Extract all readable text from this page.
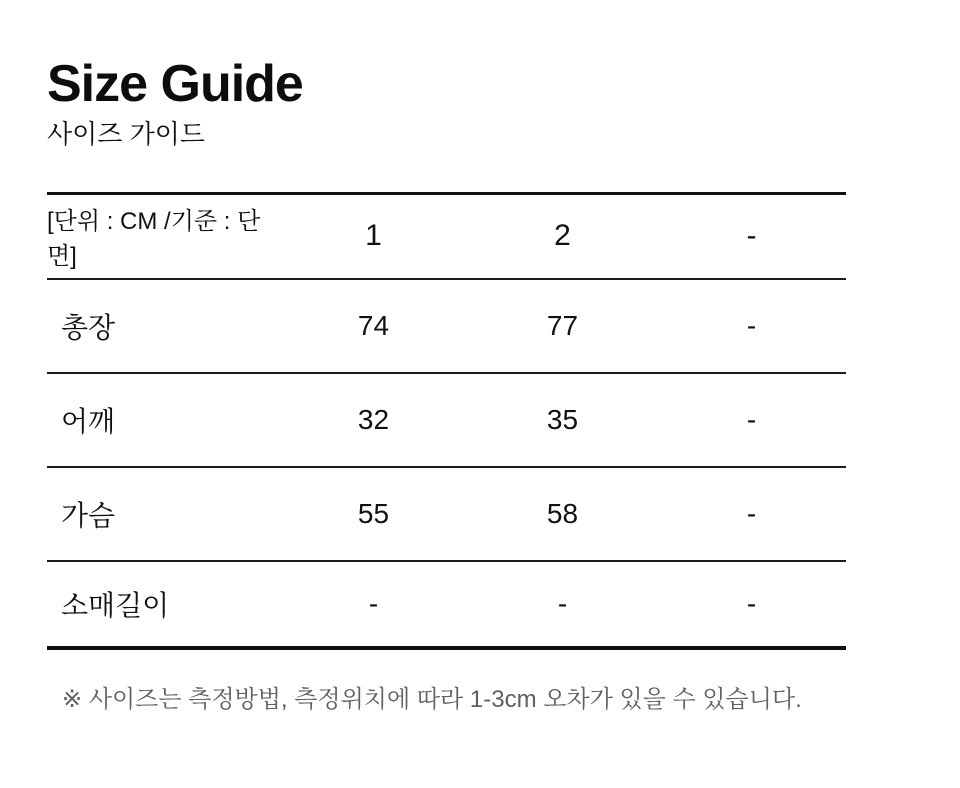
Size Guide
사이즈 가이드
[단위 : CM /기준 : 단면]	1	2	-
총장	74	77	-
어깨	32	35	-
가슴	55	58	-
소매길이	-	-	-
※ 사이즈는 측정방법, 측정위치에 따라 1-3cm 오차가 있을 수 있습니다.
